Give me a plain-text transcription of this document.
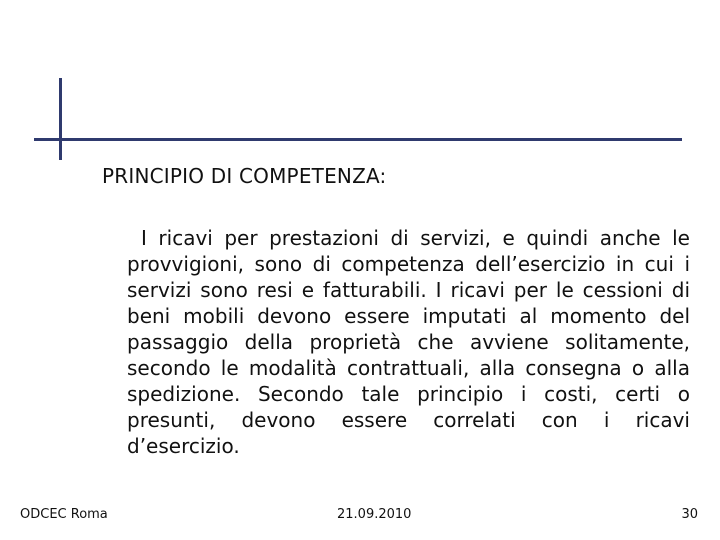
PRINCIPIO DI COMPETENZA:
I ricavi per prestazioni di servizi, e quindi anche le provvigioni, sono di competenza dell’esercizio in cui i servizi sono resi e fatturabili. I ricavi per le cessioni di beni mobili devono essere imputati al momento del passaggio della proprietà che avviene solitamente, secondo le modalità contrattuali, alla consegna o alla spedizione. Secondo tale principio i costi, certi o presunti, devono essere correlati con i ricavi d’esercizio.
ODCEC Roma	21.09.2010	30
